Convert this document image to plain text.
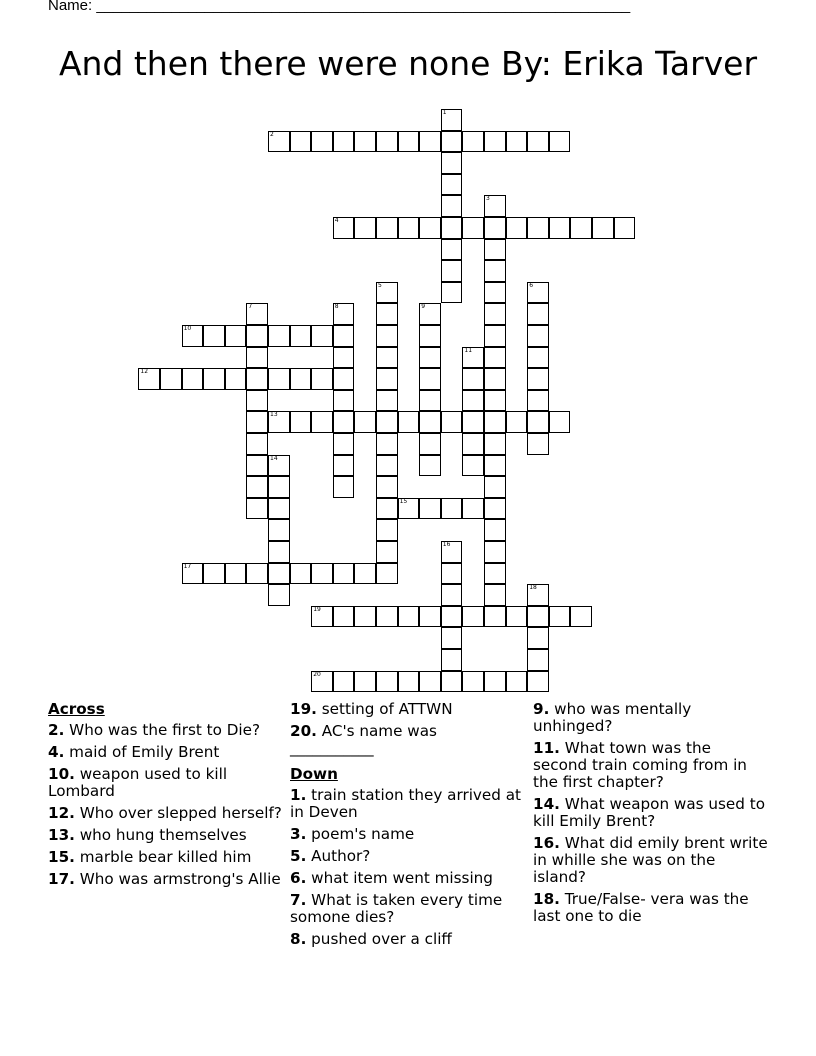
Name: ________________________________________________________________
And then there were none By: Erika Tarver
1
2
3
4
5	6
7	8	9
10
11
12
13
14
15
16
17
18
19
20
Across
2. Who was the first to Die?
4. maid of Emily Brent
10. weapon used to kill Lombard
12. Who over slepped herself?
13. who hung themselves
15. marble bear killed him
17. Who was armstrong's Allie
19. setting of ATTWN
20. AC's name was ___________
Down
1. train station they arrived at in Deven
3. poem's name
5. Author?
6. what item went missing
7. What is taken every time somone dies?
8. pushed over a cliff
9. who was mentally unhinged?
11. What town was the second train coming from in the first chapter?
14. What weapon was used to kill Emily Brent?
16. What did emily brent write in whille she was on the island?
18. True/False- vera was the last one to die
